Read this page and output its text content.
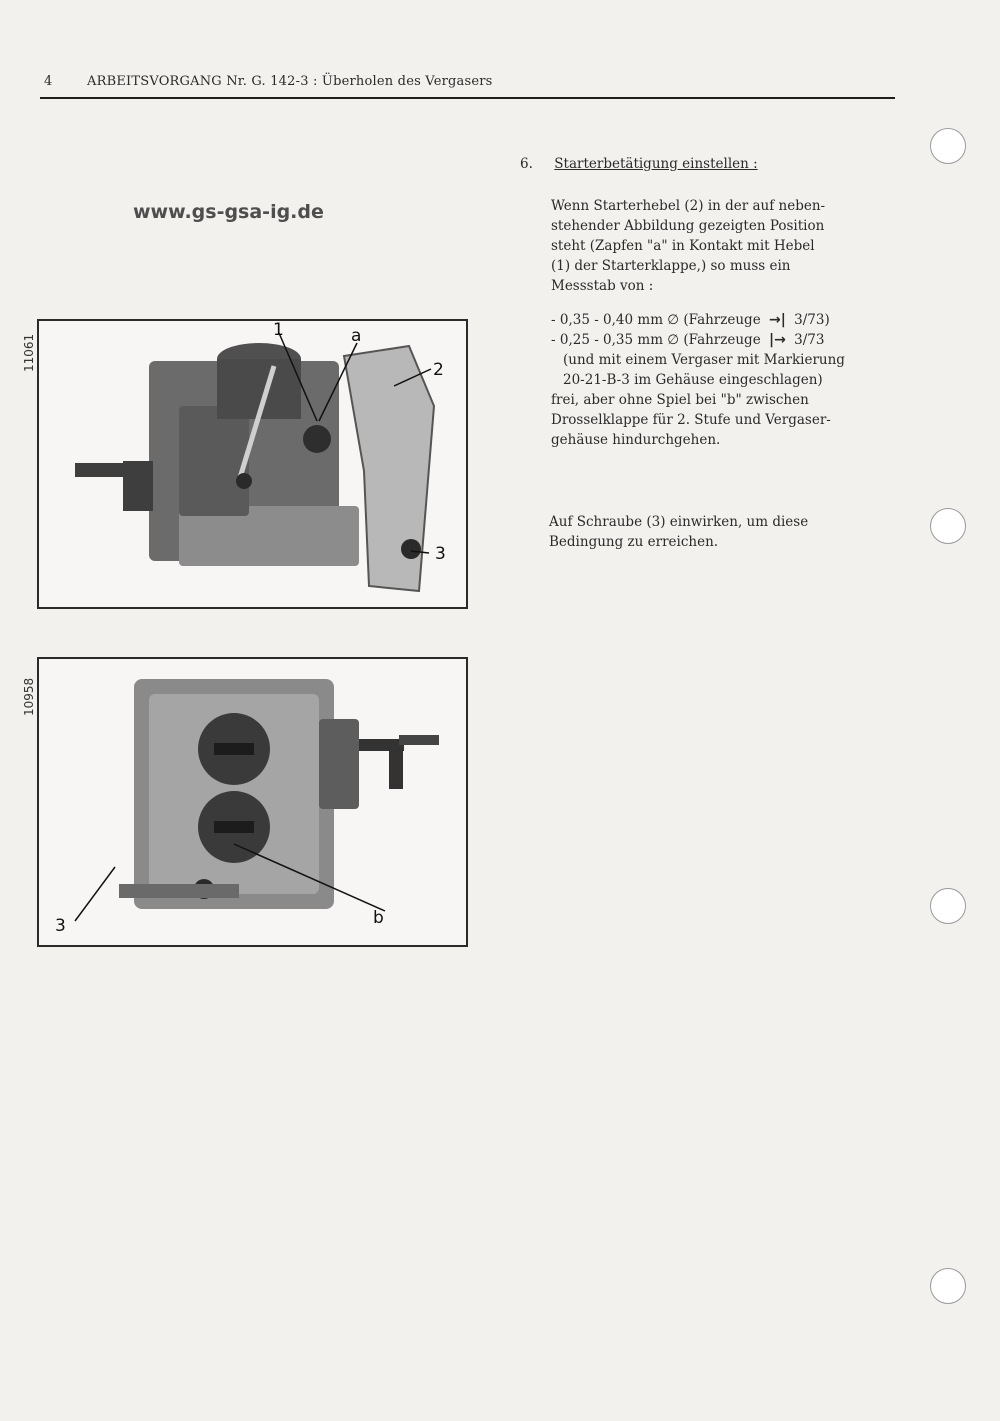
4	ARBEITSVORGANG Nr. G. 142-3 : Überholen des Vergasers
www.gs-gsa-ig.de
11061
1	a
2
3
10958
3	b
6. Starterbetätigung einstellen :
Wenn Starterhebel (2) in der auf neben-
stehender Abbildung gezeigten Position
steht (Zapfen "a" in Kontakt mit Hebel
(1) der Starterklappe,) so muss ein
Messstab von :
- 0,35 - 0,40 mm ∅ (Fahrzeuge →| 3/73)
- 0,25 - 0,35 mm ∅ (Fahrzeuge |→ 3/73
(und mit einem Vergaser mit Markierung
20-21-B-3 im Gehäuse eingeschlagen)
frei, aber ohne Spiel bei "b" zwischen
Drosselklappe für 2. Stufe und Vergaser-
gehäuse hindurchgehen.
Auf Schraube (3) einwirken, um diese
Bedingung zu erreichen.
